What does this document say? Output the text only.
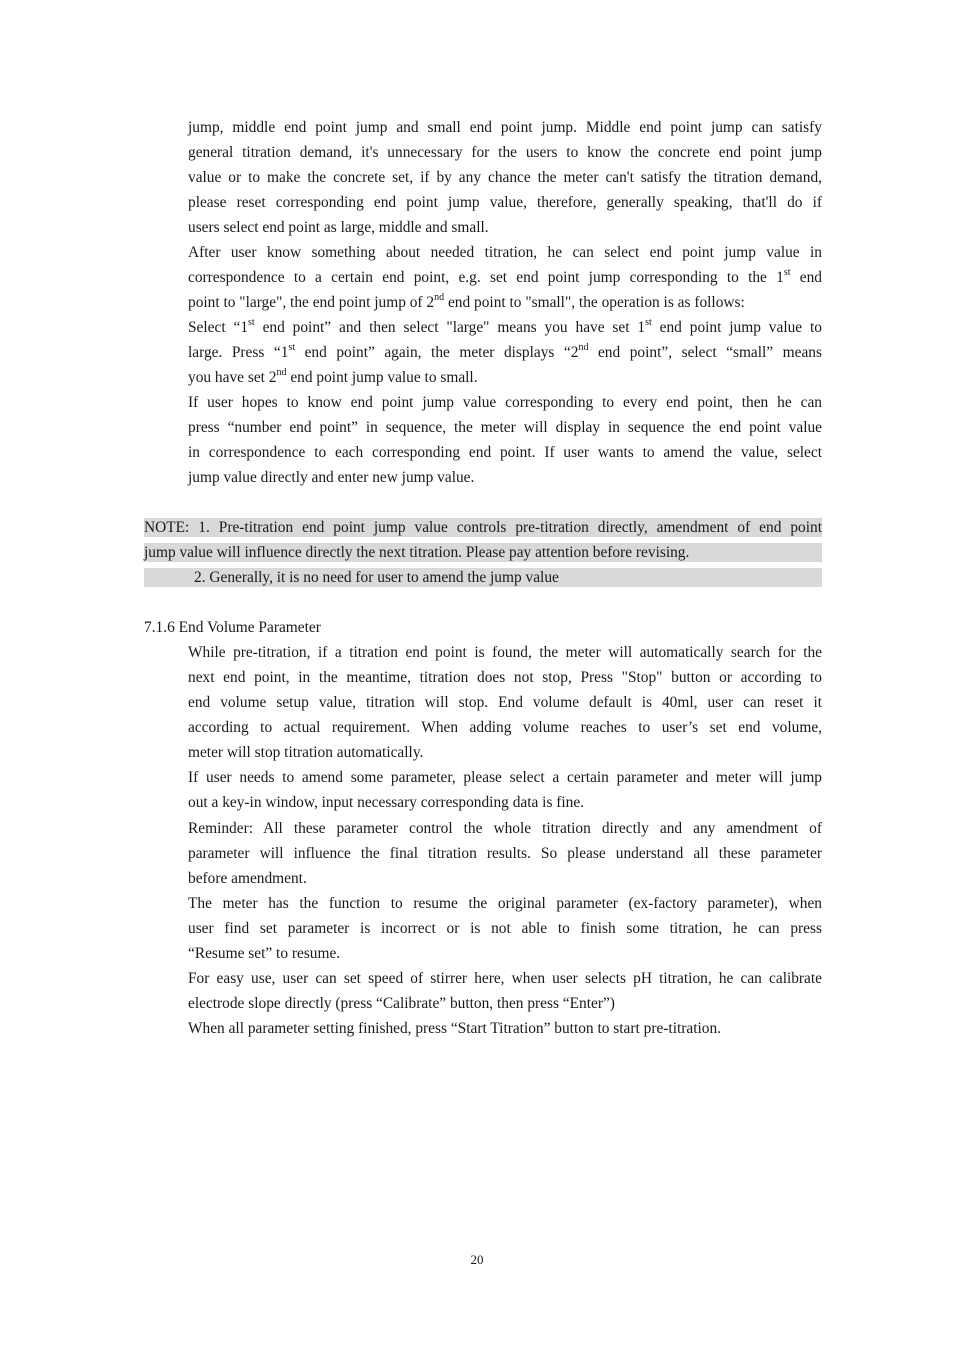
jump, middle end point jump and small end point jump. Middle end point jump can satisfy
general titration demand, it's unnecessary for the users to know the concrete end point jump
value or to make the concrete set, if by any chance the meter can't satisfy the titration demand,
please reset corresponding end point jump value, therefore, generally speaking, that'll do if
users select end point as large, middle and small.
After user know something about needed titration, he can select end point jump value in
correspondence to a certain end point, e.g. set end point jump corresponding to the 1st end
point to "large", the end point jump of 2nd end point to "small", the operation is as follows:
Select “1st end point” and then select "large" means you have set 1st end point jump value to
large. Press “1st end point” again, the meter displays “2nd end point”, select “small” means
you have set 2nd end point jump value to small.
If user hopes to know end point jump value corresponding to every end point, then he can
press “number end point” in sequence, the meter will display in sequence the end point value
in correspondence to each corresponding end point. If user wants to amend the value, select
jump value directly and enter new jump value.
NOTE: 1. Pre-titration end point jump value controls pre-titration directly, amendment of end point
jump value will influence directly the next titration. Please pay attention before revising.
2. Generally, it is no need for user to amend the jump value
7.1.6 End Volume Parameter
While pre-titration, if a titration end point is found, the meter will automatically search for the
next end point, in the meantime, titration does not stop, Press "Stop" button or according to
end volume setup value, titration will stop. End volume default is 40ml, user can reset it
according to actual requirement. When adding volume reaches to user’s set end volume,
meter will stop titration automatically.
If user needs to amend some parameter, please select a certain parameter and meter will jump
out a key-in window, input necessary corresponding data is fine.
Reminder: All these parameter control the whole titration directly and any amendment of
parameter will influence the final titration results. So please understand all these parameter
before amendment.
The meter has the function to resume the original parameter (ex-factory parameter), when
user find set parameter is incorrect or is not able to finish some titration, he can press
“Resume set” to resume.
For easy use, user can set speed of stirrer here, when user selects pH titration, he can calibrate
electrode slope directly (press “Calibrate” button, then press “Enter”)
When all parameter setting finished, press “Start Titration” button to start pre-titration.
20
